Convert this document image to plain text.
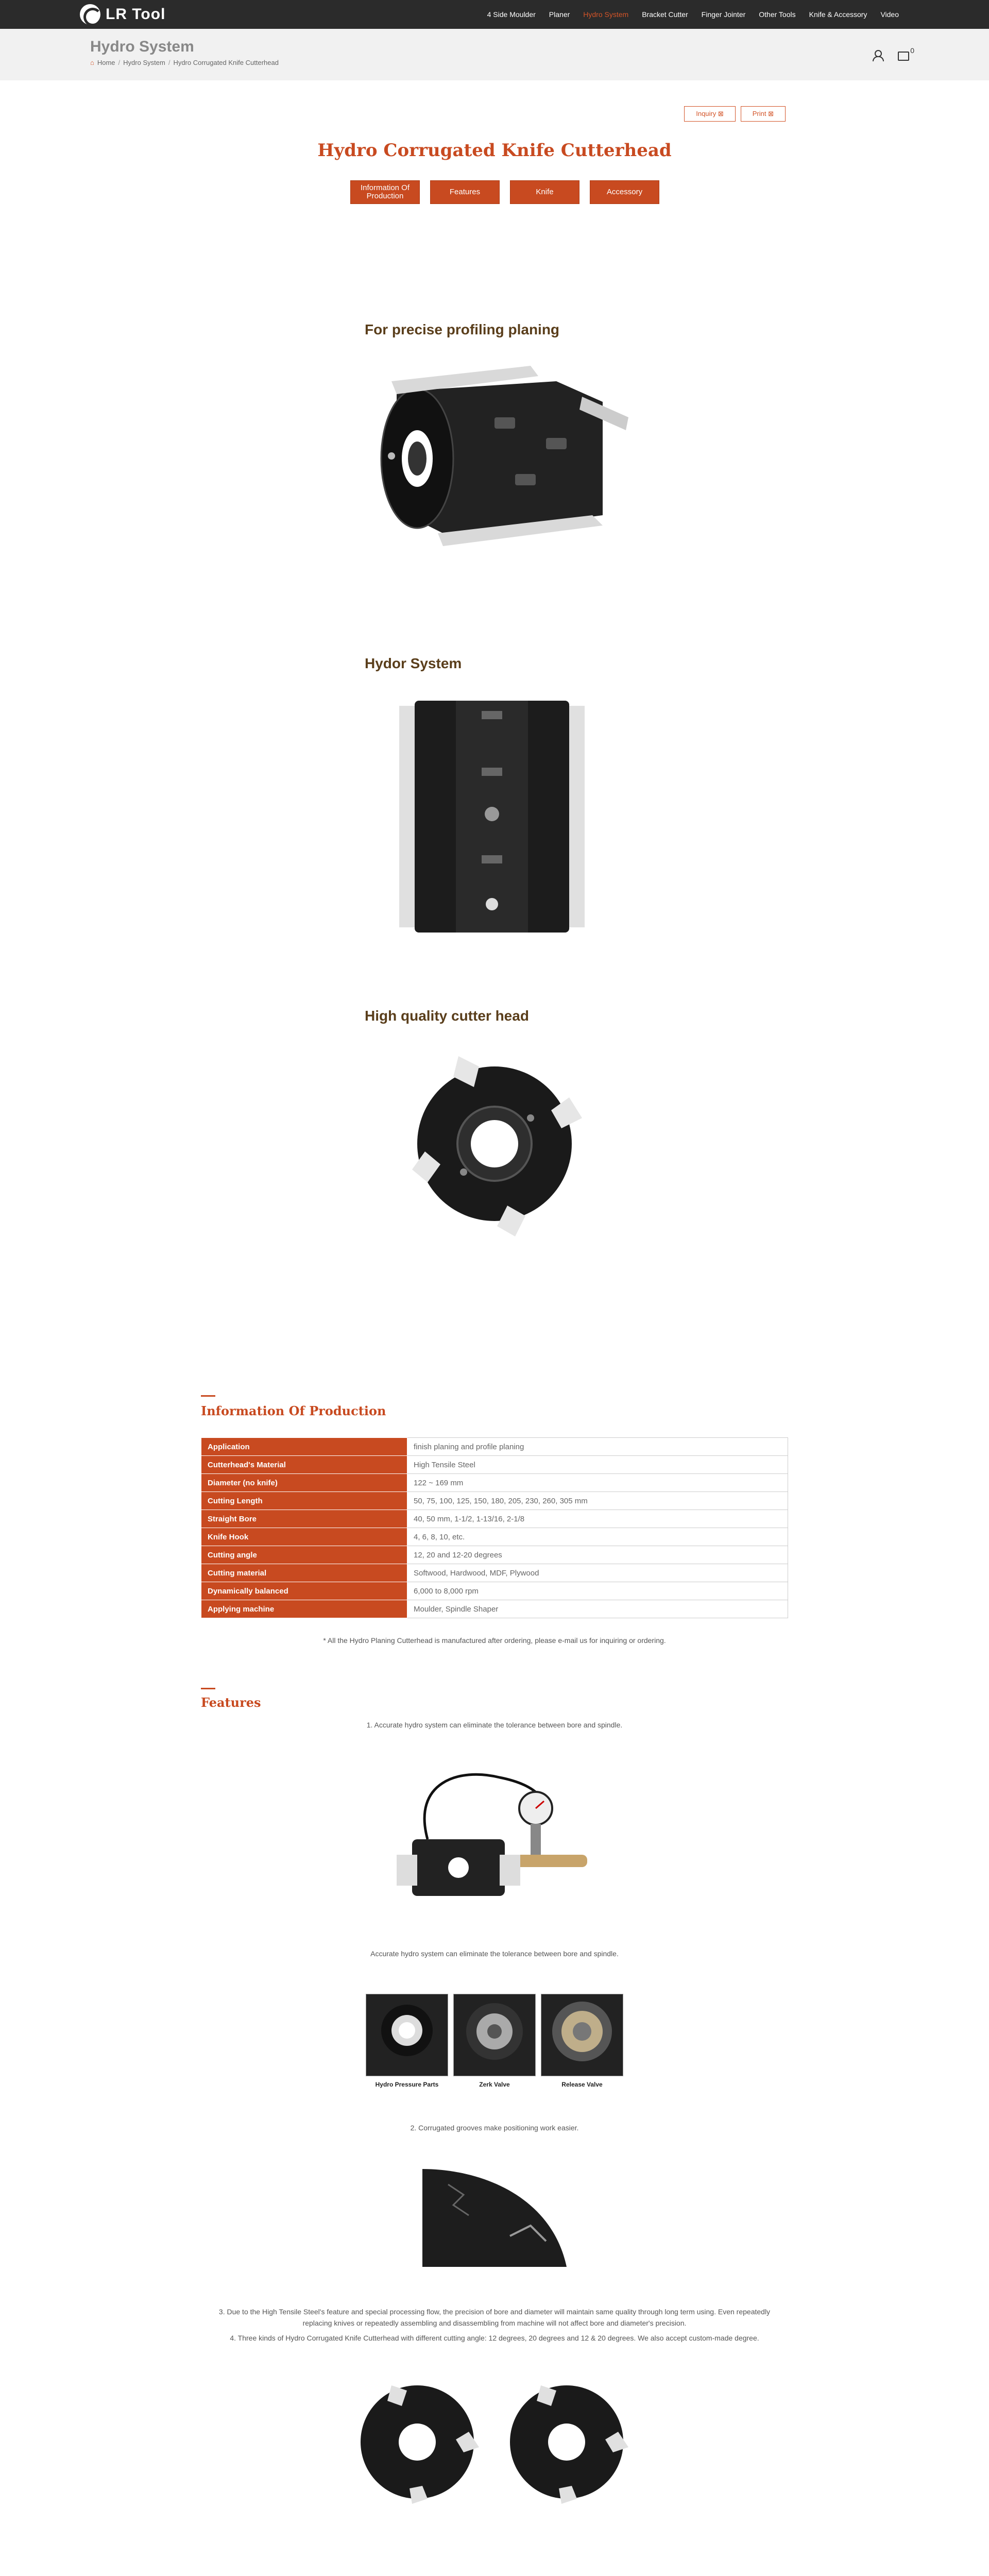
LR Tool	4 Side Moulder Planer Hydro System Bracket Cutter Finger Jointer Other Tools Knife & Accessory Video
Hydro System
⌂ Home / Hydro System / Hydro Corrugated Knife Cutterhead
0
Inquiry ⊠	Print ⊠
Hydro Corrugated Knife Cutterhead
Information Of Production	Features	Knife	Accessory
For precise profiling planing
Hydor System
High quality cutter head
Information Of Production
Application	finish planing and profile planing
Cutterhead's Material	High Tensile Steel
Diameter (no knife)	122 ~ 169 mm
Cutting Length	50, 75, 100, 125, 150, 180, 205, 230, 260, 305 mm
Straight Bore	40, 50 mm, 1-1/2, 1-13/16, 2-1/8
Knife Hook	4, 6, 8, 10, etc.
Cutting angle	12, 20 and 12-20 degrees
Cutting material	Softwood, Hardwood, MDF, Plywood
Dynamically balanced	6,000 to 8,000 rpm
Applying machine	Moulder, Spindle Shaper
* All the Hydro Planing Cutterhead is manufactured after ordering, please e-mail us for inquiring or ordering.
Features
1. Accurate hydro system can eliminate the tolerance between bore and spindle.
Accurate hydro system can eliminate the tolerance between bore and spindle.
Hydro Pressure Parts	Zerk Valve	Release Valve
2. Corrugated grooves make positioning work easier.
3. Due to the High Tensile Steel's feature and special processing flow, the precision of bore and diameter will maintain same quality through long term using. Even repeatedly replacing knives or repeatedly assembling and disassembling from machine will not affect bore and diameter's precision.
4. Three kinds of Hydro Corrugated Knife Cutterhead with different cutting angle: 12 degrees, 20 degrees and 12 & 20 degrees. We also accept custom-made degree.
